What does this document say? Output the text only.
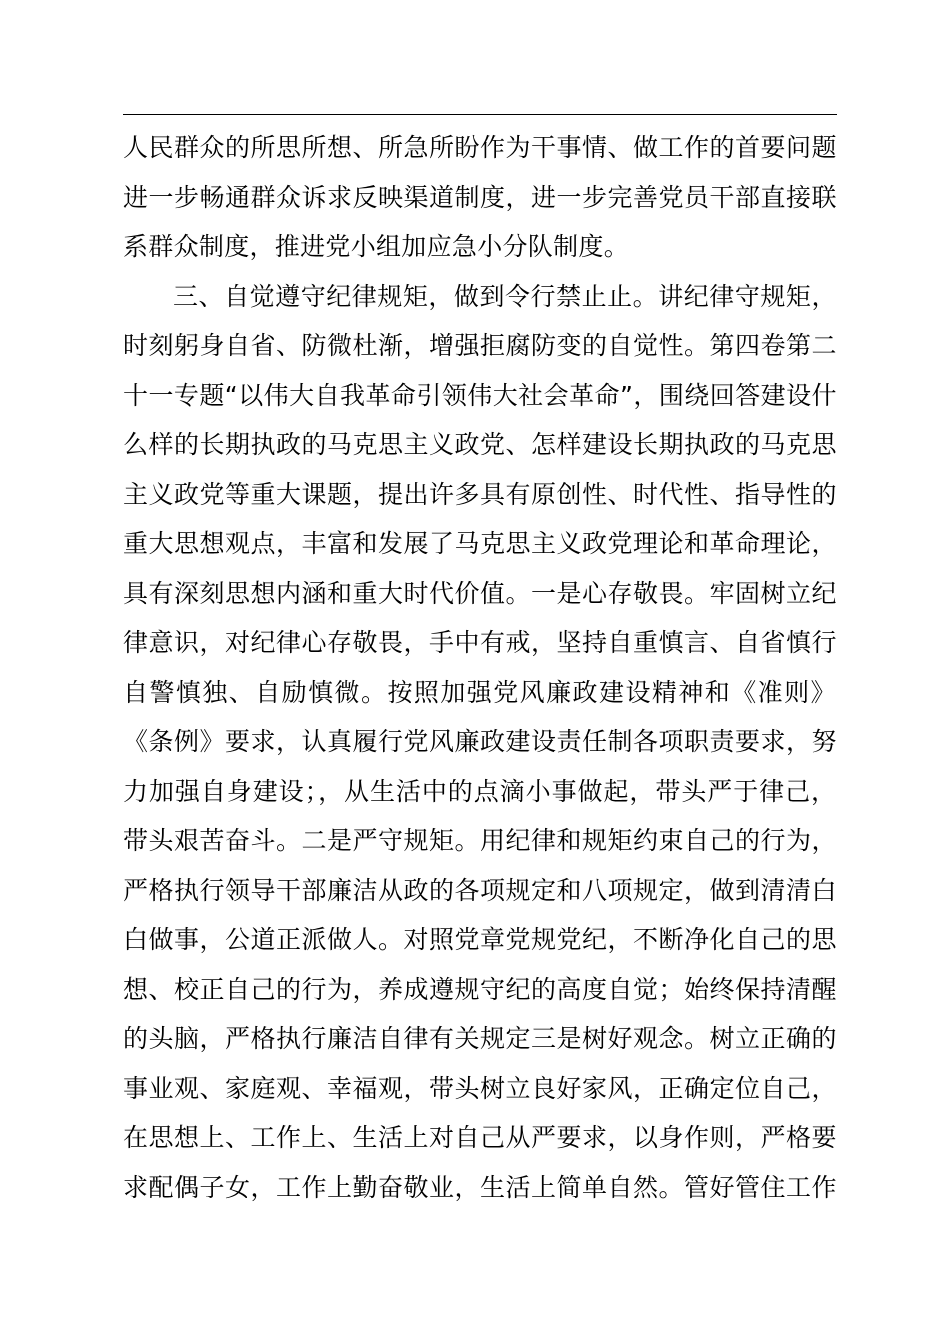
人民群众的所思所想、所急所盼作为干事情、做工作的首要问题
进一步畅通群众诉求反映渠道制度，进一步完善党员干部直接联
系群众制度，推进党小组加应急小分队制度。
三、自觉遵守纪律规矩，做到令行禁止止。讲纪律守规矩，
时刻躬身自省、防微杜渐，增强拒腐防变的自觉性。第四卷第二
十一专题“以伟大自我革命引领伟大社会革命”，围绕回答建设什
么样的长期执政的马克思主义政党、怎样建设长期执政的马克思
主义政党等重大课题，提出许多具有原创性、时代性、指导性的
重大思想观点，丰富和发展了马克思主义政党理论和革命理论，
具有深刻思想内涵和重大时代价值。一是心存敬畏。牢固树立纪
律意识，对纪律心存敬畏，手中有戒，坚持自重慎言、自省慎行
自警慎独、自励慎微。按照加强党风廉政建设精神和《准则》
《条例》要求，认真履行党风廉政建设责任制各项职责要求，努
力加强自身建设；，从生活中的点滴小事做起，带头严于律己，
带头艰苦奋斗。二是严守规矩。用纪律和规矩约束自己的行为，
严格执行领导干部廉洁从政的各项规定和八项规定，做到清清白
白做事，公道正派做人。对照党章党规党纪，不断净化自己的思
想、校正自己的行为，养成遵规守纪的高度自觉；始终保持清醒
的头脑，严格执行廉洁自律有关规定三是树好观念。树立正确的
事业观、家庭观、幸福观，带头树立良好家风，正确定位自己，
在思想上、工作上、生活上对自己从严要求，以身作则，严格要
求配偶子女，工作上勤奋敬业，生活上简单自然。管好管住工作
